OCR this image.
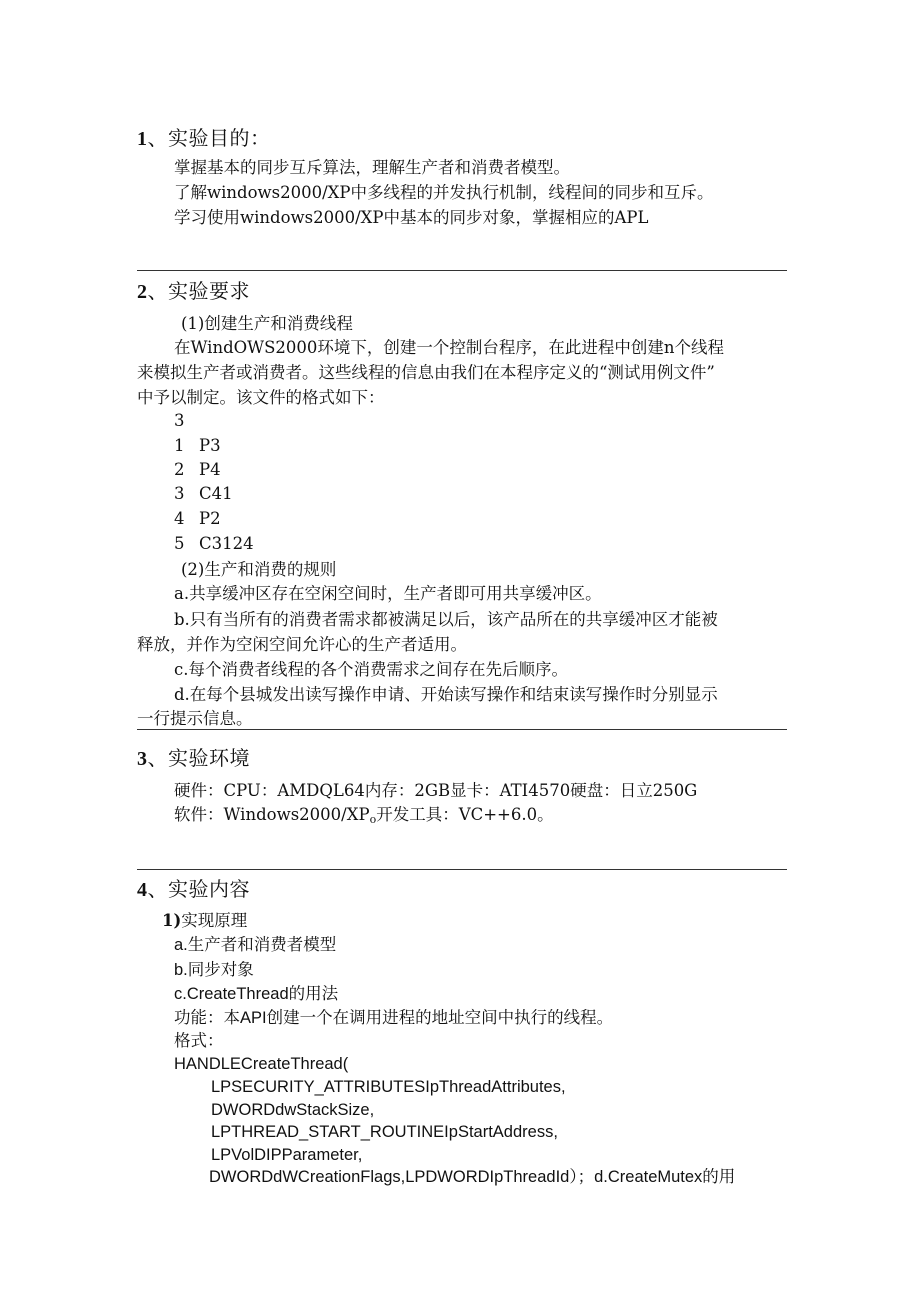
1、实验目的：
掌握基本的同步互斥算法，理解生产者和消费者模型。
了解windows2000/XP中多线程的并发执行机制，线程间的同步和互斥。
学习使用windows2000/XP中基本的同步对象，掌握相应的APL
2、实验要求
(1)创建生产和消费线程
在WindOWS2000环境下，创建一个控制台程序，在此进程中创建n个线程
来模拟生产者或消费者。这些线程的信息由我们在本程序定义的“测试用例文件”
中予以制定。该文件的格式如下：
3
1 P3
2 P4
3 C41
4 P2
5 C3124
(2)生产和消费的规则
a.共享缓冲区存在空闲空间时，生产者即可用共享缓冲区。
b.只有当所有的消费者需求都被满足以后，该产品所在的共享缓冲区才能被
释放，并作为空闲空间允许心的生产者适用。
c.每个消费者线程的各个消费需求之间存在先后顺序。
d.在每个县城发出读写操作申请、开始读写操作和结束读写操作时分别显示
一行提示信息。
3、实验环境
硬件：CPU：AMDQL64内存：2GB显卡：ATI4570硬盘：日立250G
软件：$Windows2000/XP_o$开发工具：VC++6.0。
4、实验内容
1)实现原理
a.生产者和消费者模型
b.同步对象
c.CreateThread的用法
功能：本API创建一个在调用进程的地址空间中执行的线程。
格式：
HANDLECreateThread(
LPSECURITY_ATTRIBUTESIpThreadAttributes,
DWORDdwStackSize,
LPTHREAD_START_ROUTINEIpStartAddress,
LPVolDIPParameter,
DWORDdWCreationFlags,LPDWORDIpThreadId）；d.CreateMutex的用
